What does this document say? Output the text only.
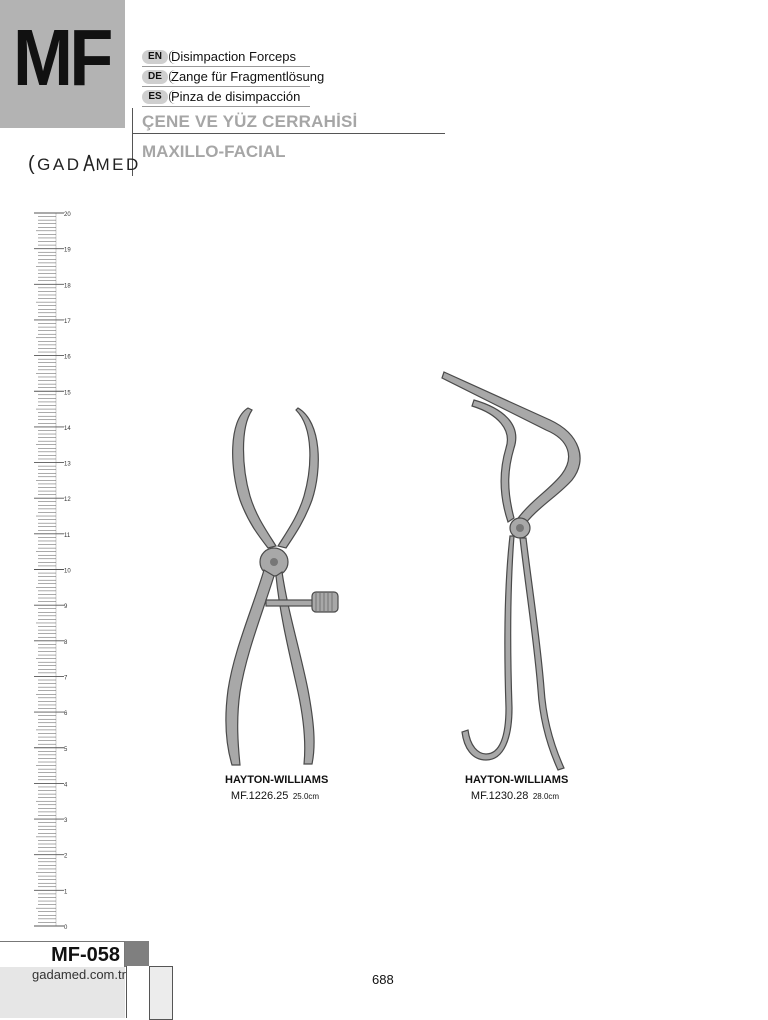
MF	EN Disimpaction Forceps
DE Zange für Fragmentlösung
ES Pinza de disimpacción
ÇENE VE YÜZ CERRAHİSİ
MAXILLO-FACIAL
(GAD MED
20
19
18
17
16
15
14
13
12
11
10
9
8
7
6
5
4
3
2
1
0
HAYTON-WILLIAMS
MF.1226.25 25.0cm
HAYTON-WILLIAMS
MF.1230.28 28.0cm
MF-058
gadamed.com.tr	688
